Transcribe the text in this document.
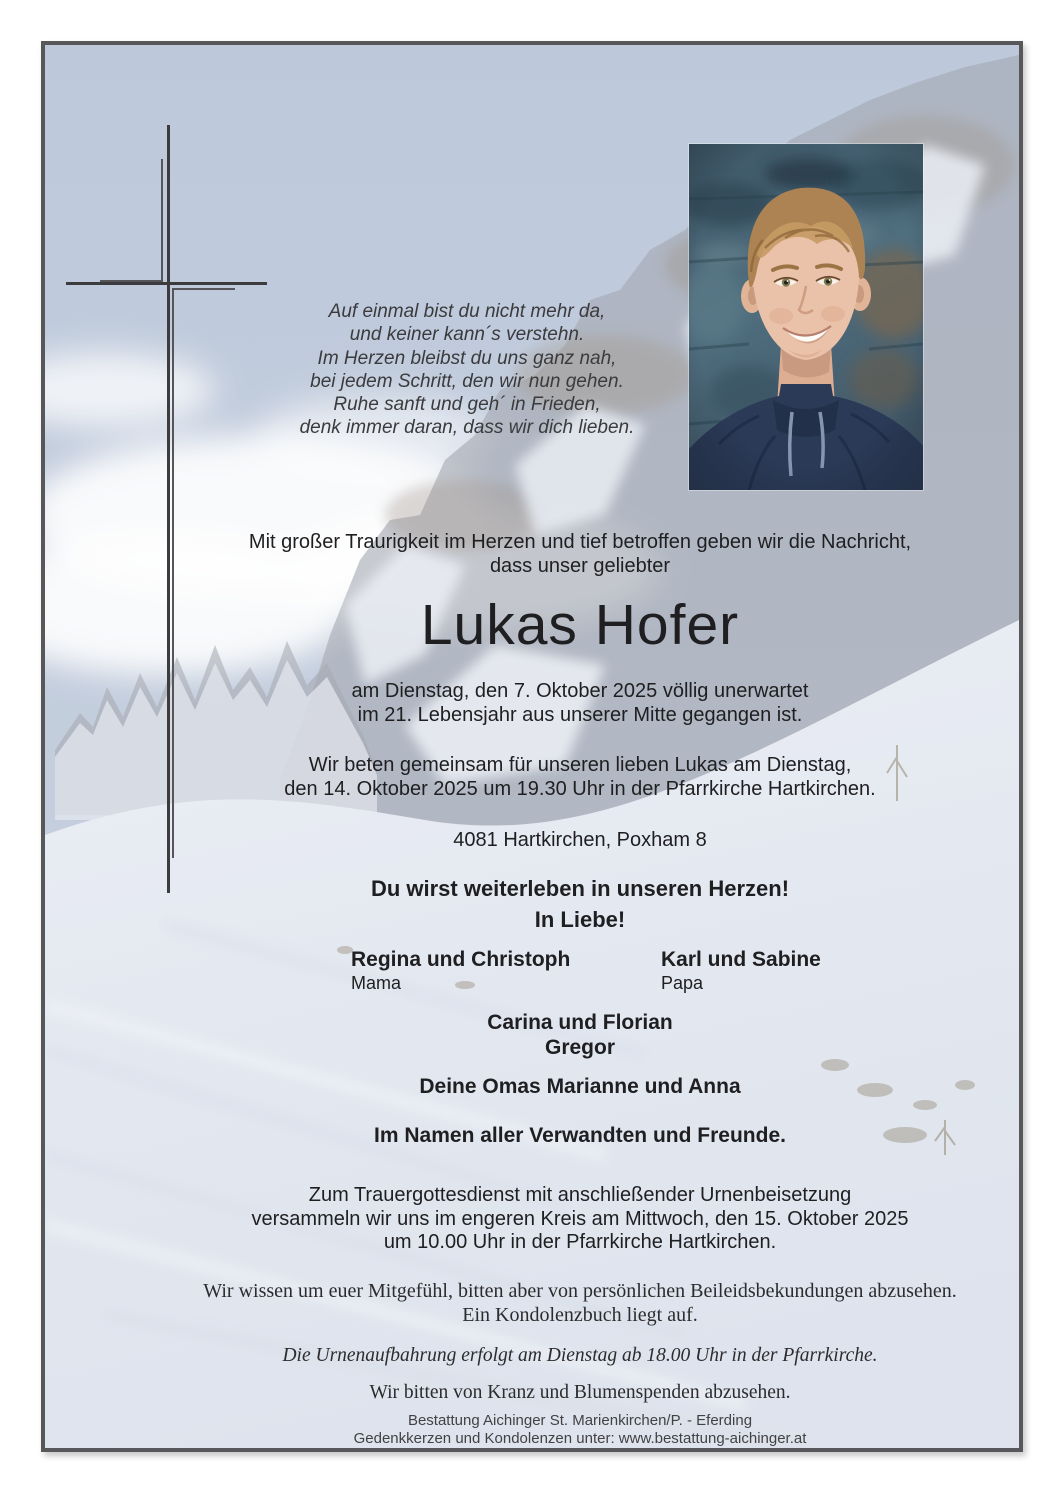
Auf einmal bist du nicht mehr da,
und keiner kann´s verstehn.
Im Herzen bleibst du uns ganz nah,
bei jedem Schritt, den wir nun gehen.
Ruhe sanft und geh´ in Frieden,
denk immer daran, dass wir dich lieben.
Mit großer Traurigkeit im Herzen und tief betroffen geben wir die Nachricht,
dass unser geliebter
Lukas Hofer
am Dienstag, den 7. Oktober 2025 völlig unerwartet
im 21. Lebensjahr aus unserer Mitte gegangen ist.
Wir beten gemeinsam für unseren lieben Lukas am Dienstag,
den 14. Oktober 2025 um 19.30 Uhr in der Pfarrkirche Hartkirchen.
4081 Hartkirchen, Poxham 8
Du wirst weiterleben in unseren Herzen!
In Liebe!
Regina und Christoph
Mama
Karl und Sabine
Papa
Carina und Florian
Gregor
Deine Omas Marianne und Anna
Im Namen aller Verwandten und Freunde.
Zum Trauergottesdienst mit anschließender Urnenbeisetzung
versammeln wir uns im engeren Kreis am Mittwoch, den 15. Oktober 2025
um 10.00 Uhr in der Pfarrkirche Hartkirchen.
Wir wissen um euer Mitgefühl, bitten aber von persönlichen Beileidsbekundungen abzusehen.
Ein Kondolenzbuch liegt auf.
Die Urnenaufbahrung erfolgt am Dienstag ab 18.00 Uhr in der Pfarrkirche.
Wir bitten von Kranz und Blumenspenden abzusehen.
Bestattung Aichinger St. Marienkirchen/P. - Eferding
Gedenkkerzen und Kondolenzen unter: www.bestattung-aichinger.at
